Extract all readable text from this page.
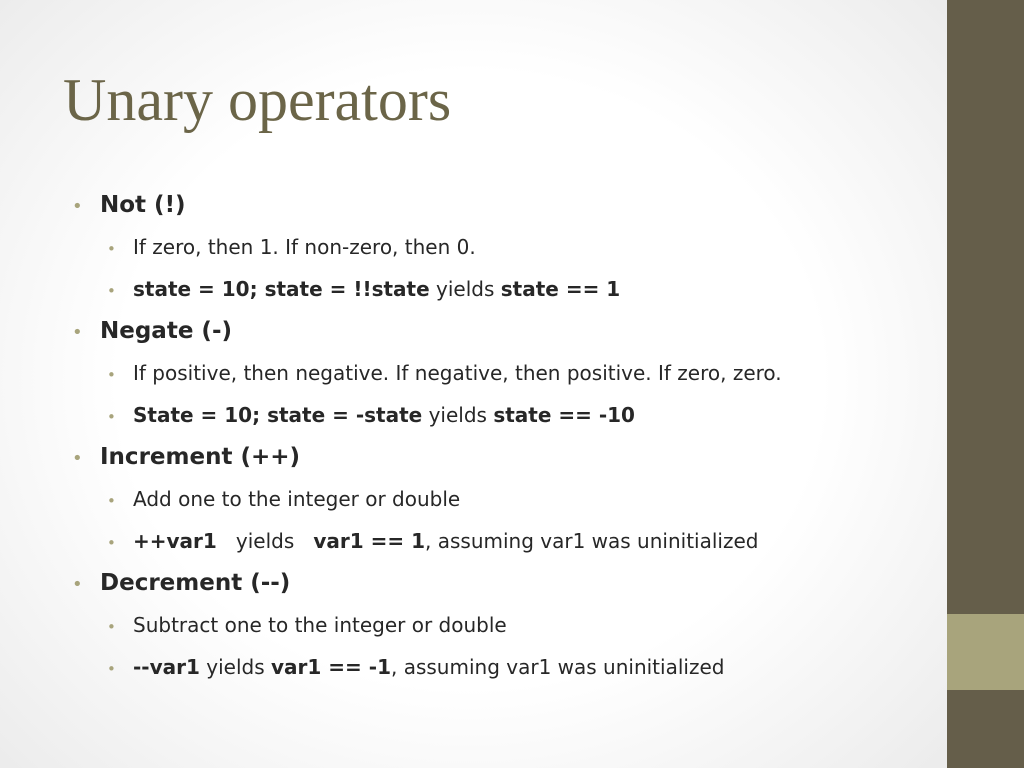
Unary operators
• Not (!)
• If zero, then 1. If non-zero, then 0.
• state = 10; state = !!state yields state == 1
• Negate (-)
• If positive, then negative. If negative, then positive. If zero, zero.
• State = 10; state = -state yields state == -10
• Increment (++)
• Add one to the integer or double
• ++var1 yields var1 == 1 , assuming var1 was uninitialized
• Decrement (--)
• Subtract one to the integer or double
• --var1 yields var1 == -1 , assuming var1 was uninitialized
